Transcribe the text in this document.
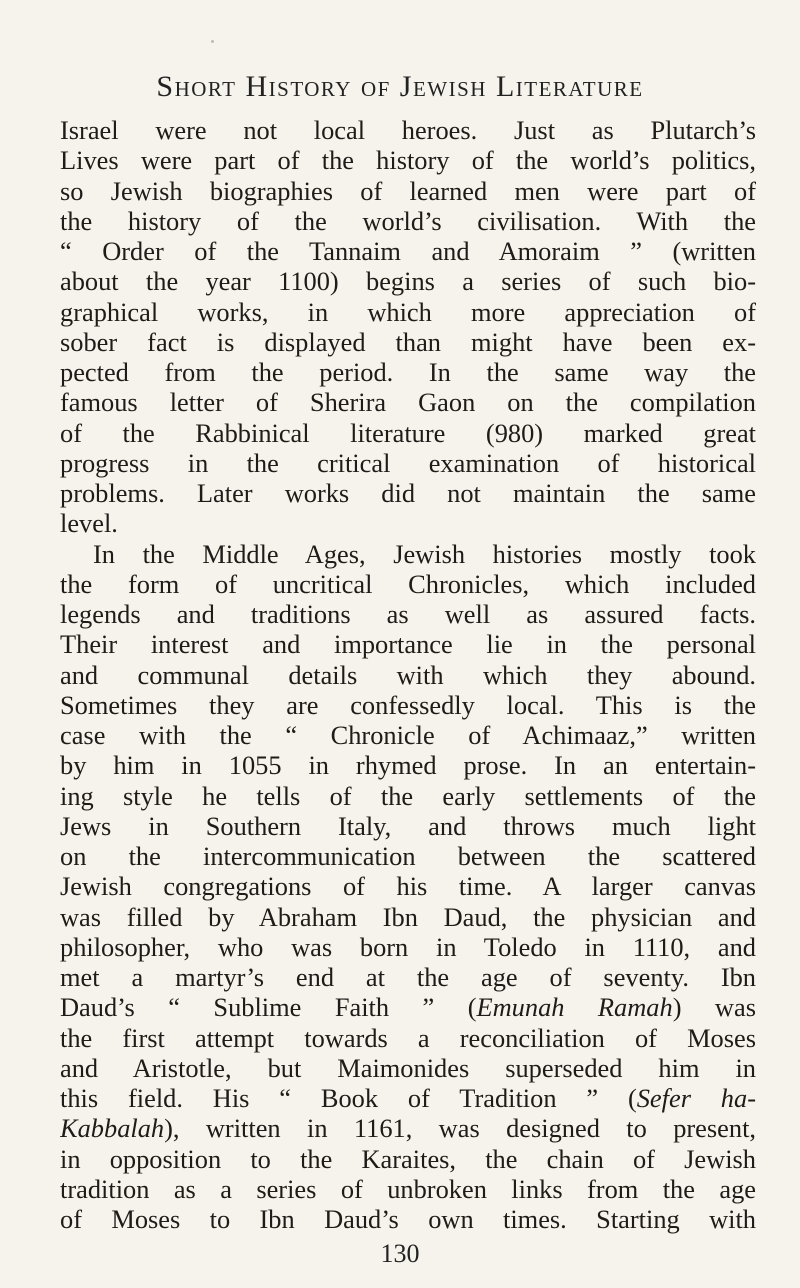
Short History of Jewish Literature
Israel were not local heroes. Just as Plutarch’s
Lives were part of the history of the world’s politics,
so Jewish biographies of learned men were part of
the history of the world’s civilisation. With the
“ Order of the Tannaim and Amoraim ” (written
about the year 1100) begins a series of such bio-
graphical works, in which more appreciation of
sober fact is displayed than might have been ex-
pected from the period. In the same way the
famous letter of Sherira Gaon on the compilation
of the Rabbinical literature (980) marked great
progress in the critical examination of historical
problems. Later works did not maintain the same
level.
In the Middle Ages, Jewish histories mostly took
the form of uncritical Chronicles, which included
legends and traditions as well as assured facts.
Their interest and importance lie in the personal
and communal details with which they abound.
Sometimes they are confessedly local. This is the
case with the “ Chronicle of Achimaaz,” written
by him in 1055 in rhymed prose. In an entertain-
ing style he tells of the early settlements of the
Jews in Southern Italy, and throws much light
on the intercommunication between the scattered
Jewish congregations of his time. A larger canvas
was filled by Abraham Ibn Daud, the physician and
philosopher, who was born in Toledo in 1110, and
met a martyr’s end at the age of seventy. Ibn
Daud’s “ Sublime Faith ” (Emunah Ramah) was
the first attempt towards a reconciliation of Moses
and Aristotle, but Maimonides superseded him in
this field. His “ Book of Tradition ” (Sefer ha-
Kabbalah), written in 1161, was designed to present,
in opposition to the Karaites, the chain of Jewish
tradition as a series of unbroken links from the age
of Moses to Ibn Daud’s own times. Starting with
130
